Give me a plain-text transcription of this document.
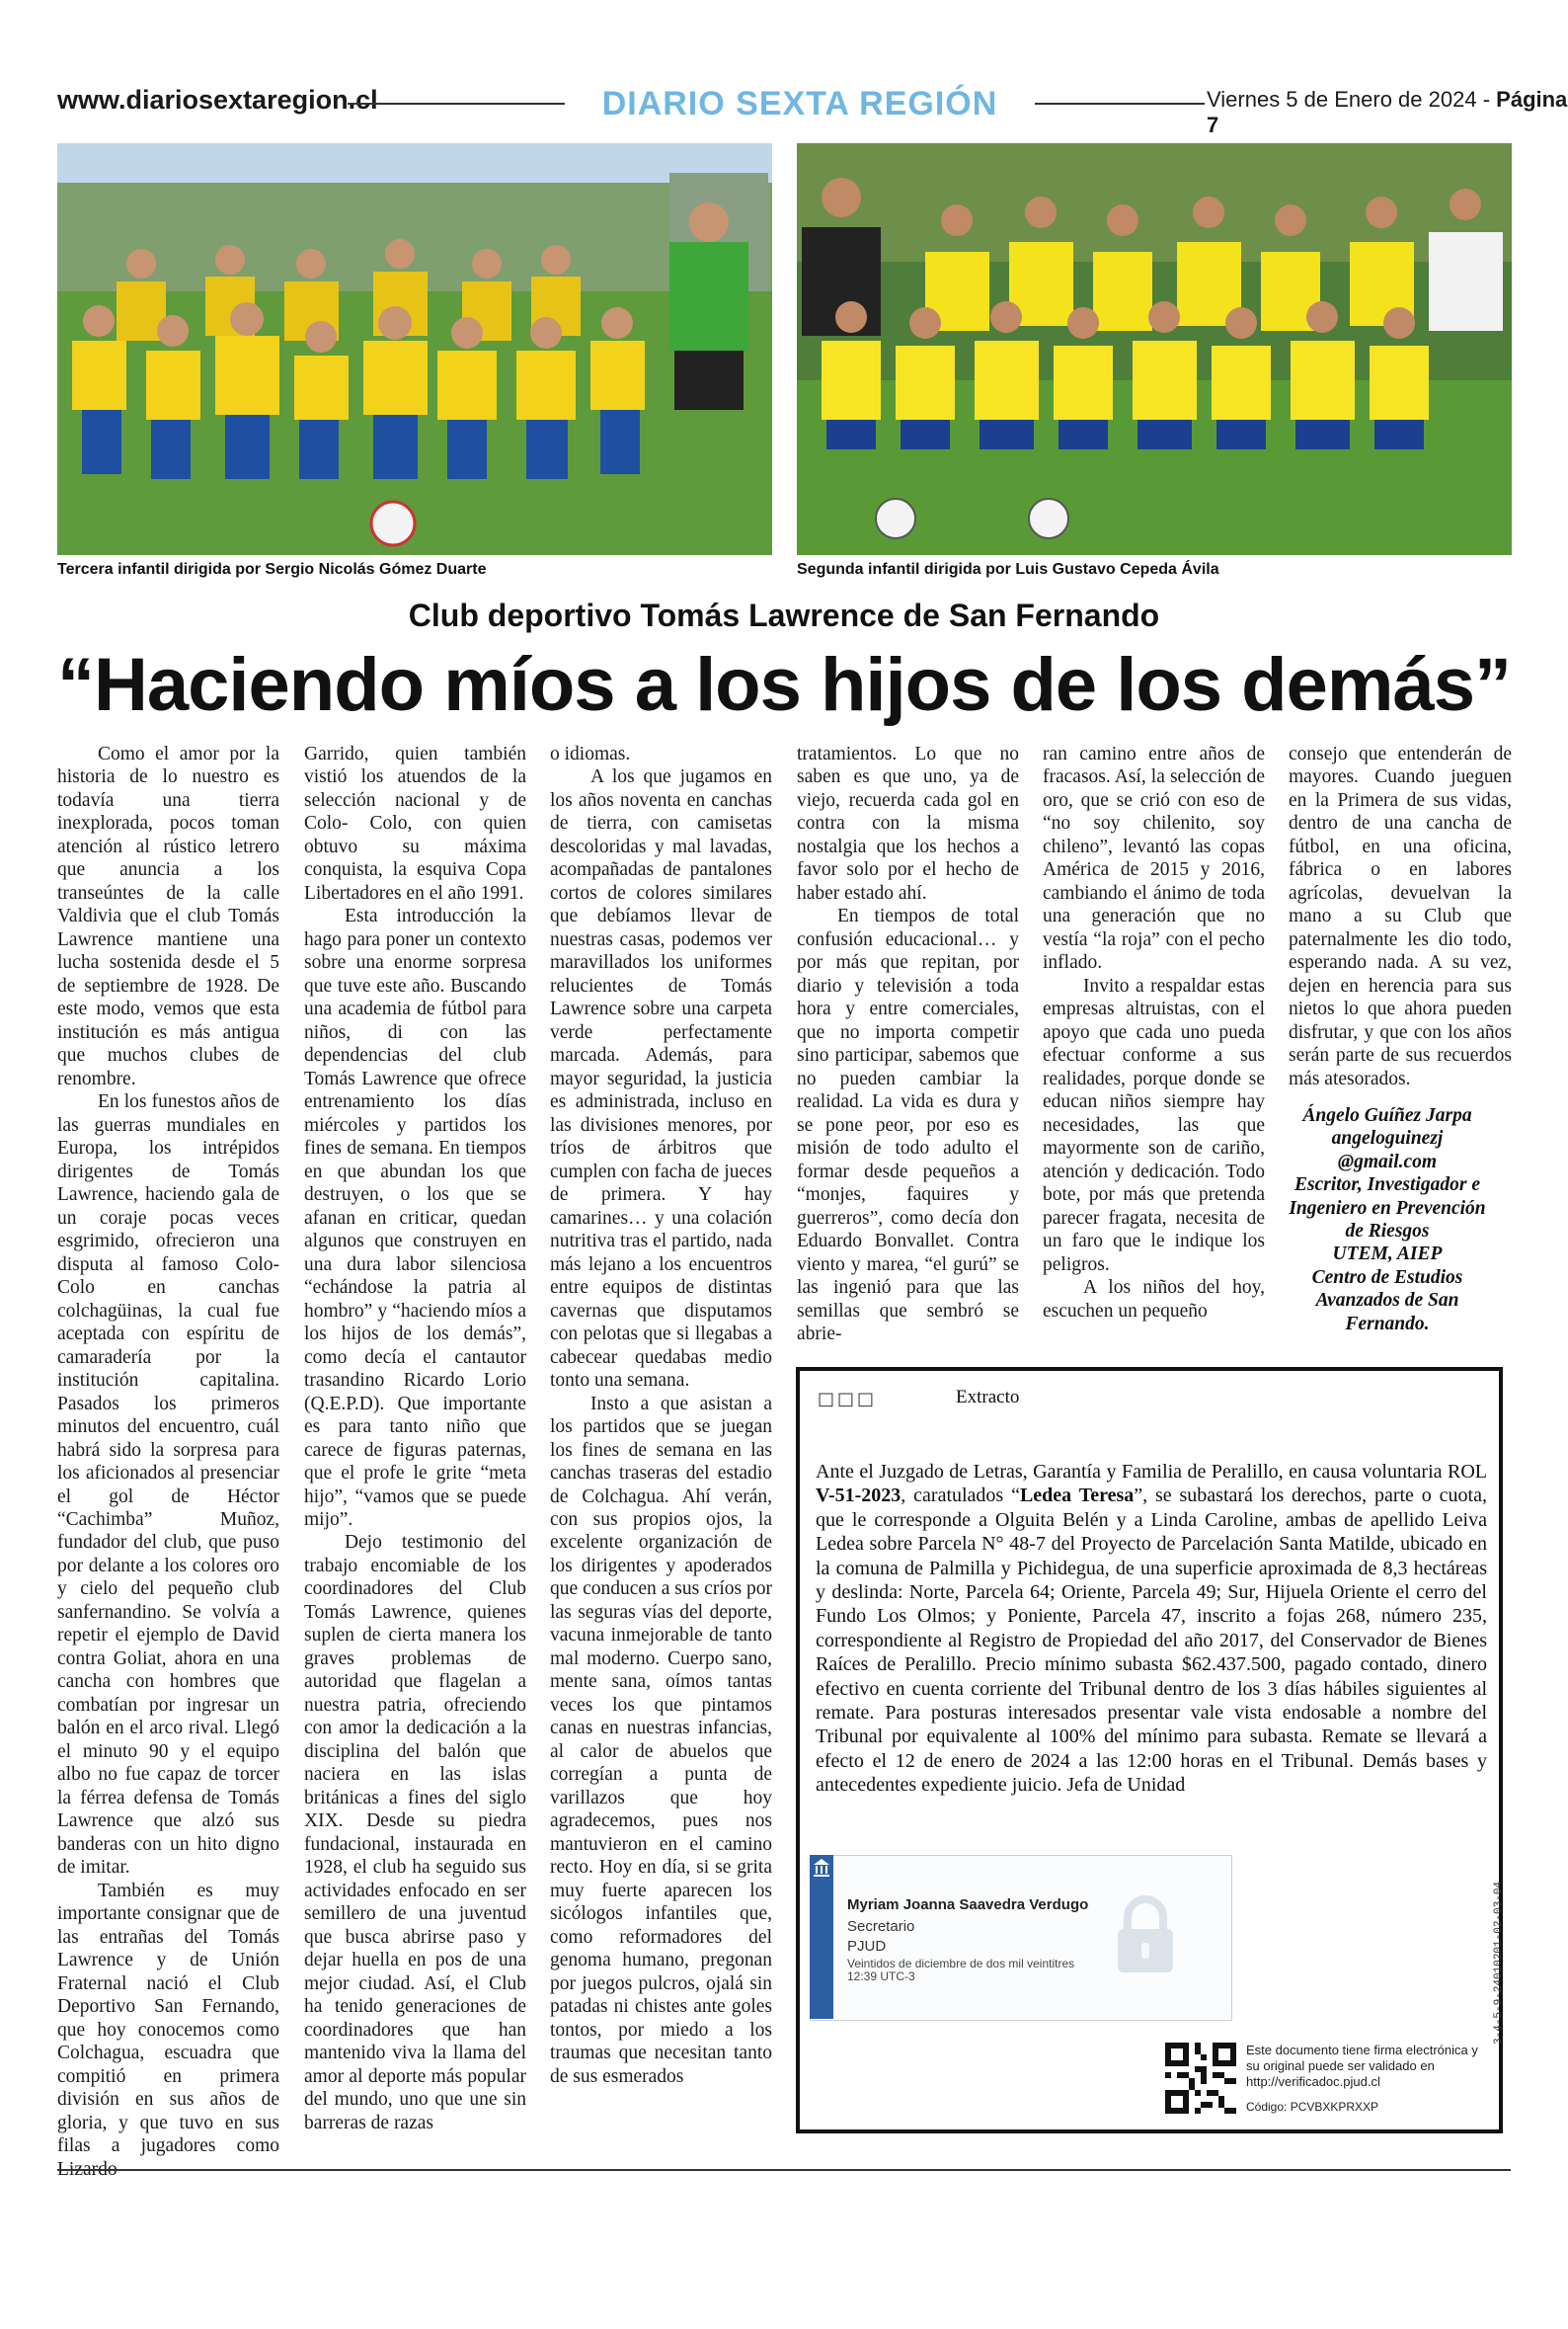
www.diariosextaregion.cl	DIARIO SEXTA REGIÓN	Viernes 5 de Enero de 2024 - Página 7
Tercera infantil dirigida por Sergio Nicolás Gómez Duarte	Segunda infantil dirigida por Luis Gustavo Cepeda Ávila
Club deportivo Tomás Lawrence de San Fernando
“Haciendo míos a los hijos de los demás”

Como el amor por la historia de lo nuestro es todavía una tierra inexplorada, pocos toman atención al rústico letrero que anuncia a los transeúntes de la calle Valdivia que el club Tomás Lawrence mantiene una lucha sostenida desde el 5 de septiembre de 1928. De este modo, vemos que esta institución es más antigua que muchos clubes de renombre.

En los funestos años de las guerras mundiales en Europa, los intrépidos dirigentes de Tomás Lawrence, haciendo gala de un coraje pocas veces esgrimido, ofrecieron una disputa al famoso Colo- Colo en canchas colchagüinas, la cual fue aceptada con espíritu de camaradería por la institución capitalina. Pasados los primeros minutos del encuentro, cuál habrá sido la sorpresa para los aficionados al presenciar el gol de Héctor “Cachimba” Muñoz, fundador del club, que puso por delante a los colores oro y cielo del pequeño club sanfernandino. Se volvía a repetir el ejemplo de David contra Goliat, ahora en una cancha con hombres que combatían por ingresar un balón en el arco rival. Llegó el minuto 90 y el equipo albo no fue capaz de torcer la férrea defensa de Tomás Lawrence que alzó sus banderas con un hito digno de imitar.

También es muy importante consignar que de las entrañas del Tomás Lawrence y de Unión Fraternal nació el Club Deportivo San Fernando, que hoy conocemos como Colchagua, escuadra que compitió en primera división en sus años de gloria, y que tuvo en sus filas a jugadores como Lizardo

Garrido, quien también vistió los atuendos de la selección nacional y de Colo- Colo, con quien obtuvo su máxima conquista, la esquiva Copa Libertadores en el año 1991.

Esta introducción la hago para poner un contexto sobre una enorme sorpresa que tuve este año. Buscando una academia de fútbol para niños, di con las dependencias del club Tomás Lawrence que ofrece entrenamiento los días miércoles y partidos los fines de semana. En tiempos en que abundan los que destruyen, o los que se afanan en criticar, quedan algunos que construyen en una dura labor silenciosa “echándose la patria al hombro” y “haciendo míos a los hijos de los demás”, como decía el cantautor trasandino Ricardo Lorio (Q.E.P.D). Que importante es para tanto niño que carece de figuras paternas, que el profe le grite “meta hijo”, “vamos que se puede mijo”.

Dejo testimonio del trabajo encomiable de los coordinadores del Club Tomás Lawrence, quienes suplen de cierta manera los graves problemas de autoridad que flagelan a nuestra patria, ofreciendo con amor la dedicación a la disciplina del balón que naciera en las islas británicas a fines del siglo XIX. Desde su piedra fundacional, instaurada en 1928, el club ha seguido sus actividades enfocado en ser semillero de una juventud que busca abrirse paso y dejar huella en pos de una mejor ciudad. Así, el Club ha tenido generaciones de coordinadores que han mantenido viva la llama del amor al deporte más popular del mundo, uno que une sin barreras de razas

o idiomas.

A los que jugamos en los años noventa en canchas de tierra, con camisetas descoloridas y mal lavadas, acompañadas de pantalones cortos de colores similares que debíamos llevar de nuestras casas, podemos ver maravillados los uniformes relucientes de Tomás Lawrence sobre una carpeta verde perfectamente marcada. Además, para mayor seguridad, la justicia es administrada, incluso en las divisiones menores, por tríos de árbitros que cumplen con facha de jueces de primera. Y hay camarines… y una colación nutritiva tras el partido, nada más lejano a los encuentros entre equipos de distintas cavernas que disputamos con pelotas que si llegabas a cabecear quedabas medio tonto una semana.

Insto a que asistan a los partidos que se juegan los fines de semana en las canchas traseras del estadio de Colchagua. Ahí verán, con sus propios ojos, la excelente organización de los dirigentes y apoderados que conducen a sus críos por las seguras vías del deporte, vacuna inmejorable de tanto mal moderno. Cuerpo sano, mente sana, oímos tantas veces los que pintamos canas en nuestras infancias, al calor de abuelos que corregían a punta de varillazos que hoy agradecemos, pues nos mantuvieron en el camino recto. Hoy en día, si se grita muy fuerte aparecen los sicólogos infantiles que, como reformadores del genoma humano, pregonan por juegos pulcros, ojalá sin patadas ni chistes ante goles tontos, por miedo a los traumas que necesitan tanto de sus esmerados

tratamientos. Lo que no saben es que uno, ya de viejo, recuerda cada gol en contra con la misma nostalgia que los hechos a favor solo por el hecho de haber estado ahí.

En tiempos de total confusión educacional… y por más que repitan, por diario y televisión a toda hora y entre comerciales, que no importa competir sino participar, sabemos que no pueden cambiar la realidad. La vida es dura y se pone peor, por eso es misión de todo adulto el formar desde pequeños a “monjes, faquires y guerreros”, como decía don Eduardo Bonvallet. Contra viento y marea, “el gurú” se las ingenió para que las semillas que sembró se abrie-

ran camino entre años de fracasos. Así, la selección de oro, que se crió con eso de “no soy chilenito, soy chileno”, levantó las copas América de 2015 y 2016, cambiando el ánimo de toda una generación que no vestía “la roja” con el pecho inflado.

Invito a respaldar estas empresas altruistas, con el apoyo que cada uno pueda efectuar conforme a sus realidades, porque donde se educan niños siempre hay necesidades, las que mayormente son de cariño, atención y dedicación. Todo bote, por más que pretenda parecer fragata, necesita de un faro que le indique los peligros.

A los niños del hoy, escuchen un pequeño

consejo que entenderán de mayores. Cuando jueguen en la Primera de sus vidas, dentro de una cancha de fútbol, en una oficina, fábrica o en labores agrícolas, devuelvan la mano a su Club que paternalmente les dio todo, esperando nada. A su vez, dejen en herencia para sus nietos lo que ahora pueden disfrutar, y que con los años serán parte de sus recuerdos más atesorados.

Ángelo Guíñez Jarpa
angeloguinezj
@gmail.com
Escritor, Investigador e Ingeniero en Prevención de Riesgos
UTEM, AIEP
Centro de Estudios Avanzados de San Fernando.
□□□	Extracto
Ante el Juzgado de Letras, Garantía y Familia de Peralillo, en causa voluntaria ROL V-51-2023, caratulados “Ledea Teresa”, se subastará los derechos, parte o cuota, que le corresponde a Olguita Belén y a Linda Caroline, ambas de apellido Leiva Ledea sobre Parcela N° 48-7 del Proyecto de Parcelación Santa Matilde, ubicado en la comuna de Palmilla y Pichidegua, de una superficie aproximada de 8,3 hectáreas y deslinda: Norte, Parcela 64; Oriente, Parcela 49; Sur, Hijuela Oriente el cerro del Fundo Los Olmos; y Poniente, Parcela 47, inscrito a fojas 268, número 235, correspondiente al Registro de Propiedad del año 2017, del Conservador de Bienes Raíces de Peralillo. Precio mínimo subasta $62.437.500, pagado contado, dinero efectivo en cuenta corriente del Tribunal dentro de los 3 días hábiles siguientes al remate. Para posturas interesados presentar vale vista endosable a nombre del Tribunal por equivalente al 100% del mínimo para subasta. Remate se llevará a efecto el 12 de enero de 2024 a las 12:00 horas en el Tribunal. Demás bases y antecedentes expediente juicio. Jefa de Unidad
Myriam Joanna Saavedra Verdugo
Secretario
PJUD
Veintidos de diciembre de dos mil veintitres 12:39 UTC-3
Este documento tiene firma electrónica y su original puede ser validado en http://verificadoc.pjud.cl
Código: PCVBXKPRXXP
3-4-5-9-24010201-02-03-04
